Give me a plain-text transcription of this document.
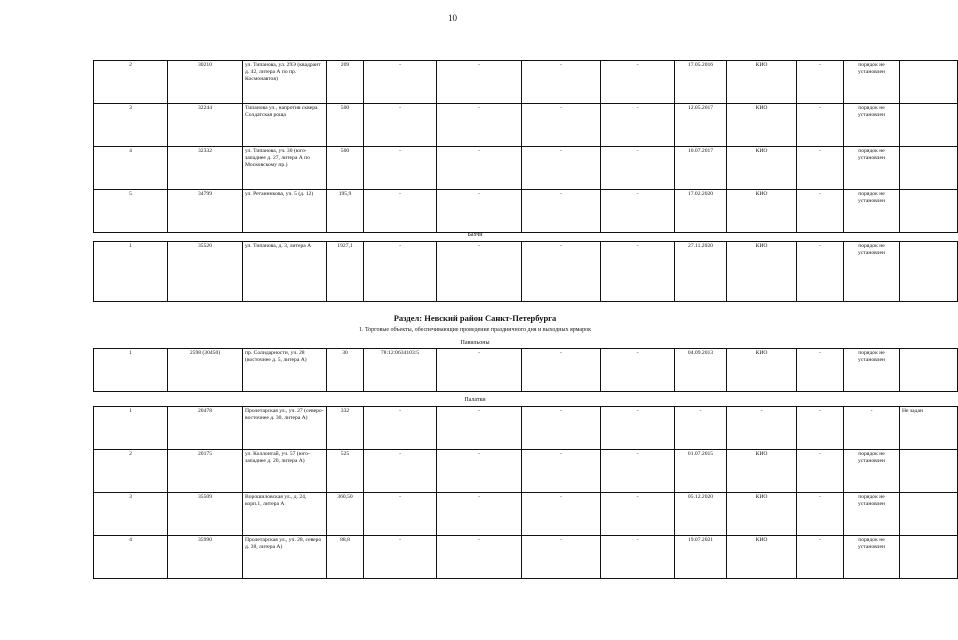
10
2	30210	ул. Типанова, ул. 29Э (квадрант д. 42, литера А по пр. Космонавтов)	209	-	-	-	-	17.05.2016	КИО	-	порядок не установлен	
3	32244	Типанова ул., напротив сквера Солдатская роща	500	-	-	-	-	12.05.2017	КИО	-	порядок не установлен	
4	32332	ул. Типанова, уч. 30 (юго-западнее д. 27, литера А по Московскому пр.)	500	-	-	-	-	10.07.2017	КИО	-	порядок не установлен	
5	34799	ул. Ретаиннкова, уч. 5 (д. 12)	195,9	-	-	-	-	17.02.2020	КИО	-	порядок не установлен	
Бахчи
1	35520	ул. Типанова, д. 3, литера А	1927,1	-	-	-	-	27.11.2020	КИО	-	порядок не установлен	
Раздел: Невский район Санкт-Петербурга
1. Торговые объекты, обеспечивающие проведение праздничного дня и выходных ярмарок
Павильоны
1	2598 (30450)	пр. Солидарности, уч. 28 (восточнее д. 5, литера А)	30	78:12:0634103:5	-	-	-	04.09.2013	КИО	-	порядок не установлен	
Палатки
1	20478	Пролетарская ул., уч. 27 (северо-восточнее д. 30, литера А)	332	-	-	-	-	-	-	-	-	Не задан
2	20175	ул. Коллонтай, уч. 57 (юго-западнее д. 20, литера А)	525	-	-	-	-	01.07.2015	КИО	-	порядок не установлен	
3	35509	Ворошиловская ул., д. 24, корп.1, литера А	360,50	-	-	-	-	05.12.2020	КИО	-	порядок не установлен	
4	35990	Пролетарская ул., уч. 28, северо д. 38, литера А)	88,8	-	-	-	-	19.07.2021	КИО	-	порядок не установлен	
